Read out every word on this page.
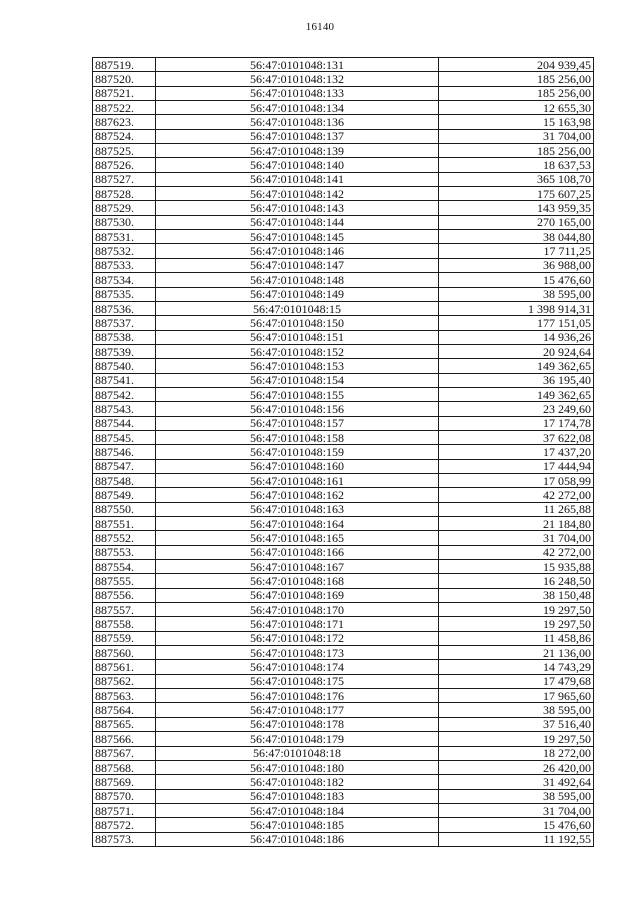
16140
887519.	56:47:0101048:131	204 939,45
887520.	56:47:0101048:132	185 256,00
887521.	56:47:0101048:133	185 256,00
887522.	56:47:0101048:134	12 655,30
887623.	56:47:0101048:136	15 163,98
887524.	56:47:0101048:137	31 704,00
887525.	56:47:0101048:139	185 256,00
887526.	56:47:0101048:140	18 637,53
887527.	56:47:0101048:141	365 108,70
887528.	56:47:0101048:142	175 607,25
887529.	56:47:0101048:143	143 959,35
887530.	56:47:0101048:144	270 165,00
887531.	56:47:0101048:145	38 044,80
887532.	56:47:0101048:146	17 711,25
887533.	56:47:0101048:147	36 988,00
887534.	56:47:0101048:148	15 476,60
887535.	56:47:0101048:149	38 595,00
887536.	56:47:0101048:15	1 398 914,31
887537.	56:47:0101048:150	177 151,05
887538.	56:47:0101048:151	14 936,26
887539.	56:47:0101048:152	20 924,64
887540.	56:47:0101048:153	149 362,65
887541.	56:47:0101048:154	36 195,40
887542.	56:47:0101048:155	149 362,65
887543.	56:47:0101048:156	23 249,60
887544.	56:47:0101048:157	17 174,78
887545.	56:47:0101048:158	37 622,08
887546.	56:47:0101048:159	17 437,20
887547.	56:47:0101048:160	17 444,94
887548.	56:47:0101048:161	17 058,99
887549.	56:47:0101048:162	42 272,00
887550.	56:47:0101048:163	11 265,88
887551.	56:47:0101048:164	21 184,80
887552.	56:47:0101048:165	31 704,00
887553.	56:47:0101048:166	42 272,00
887554.	56:47:0101048:167	15 935,88
887555.	56:47:0101048:168	16 248,50
887556.	56:47:0101048:169	38 150,48
887557.	56:47:0101048:170	19 297,50
887558.	56:47:0101048:171	19 297,50
887559.	56:47:0101048:172	11 458,86
887560.	56:47:0101048:173	21 136,00
887561.	56:47:0101048:174	14 743,29
887562.	56:47:0101048:175	17 479,68
887563.	56:47:0101048:176	17 965,60
887564.	56:47:0101048:177	38 595,00
887565.	56:47:0101048:178	37 516,40
887566.	56:47:0101048:179	19 297,50
887567.	56:47:0101048:18	18 272,00
887568.	56:47:0101048:180	26 420,00
887569.	56:47:0101048:182	31 492,64
887570.	56:47:0101048:183	38 595,00
887571.	56:47:0101048:184	31 704,00
887572.	56:47:0101048:185	15 476,60
887573.	56:47:0101048:186	11 192,55
